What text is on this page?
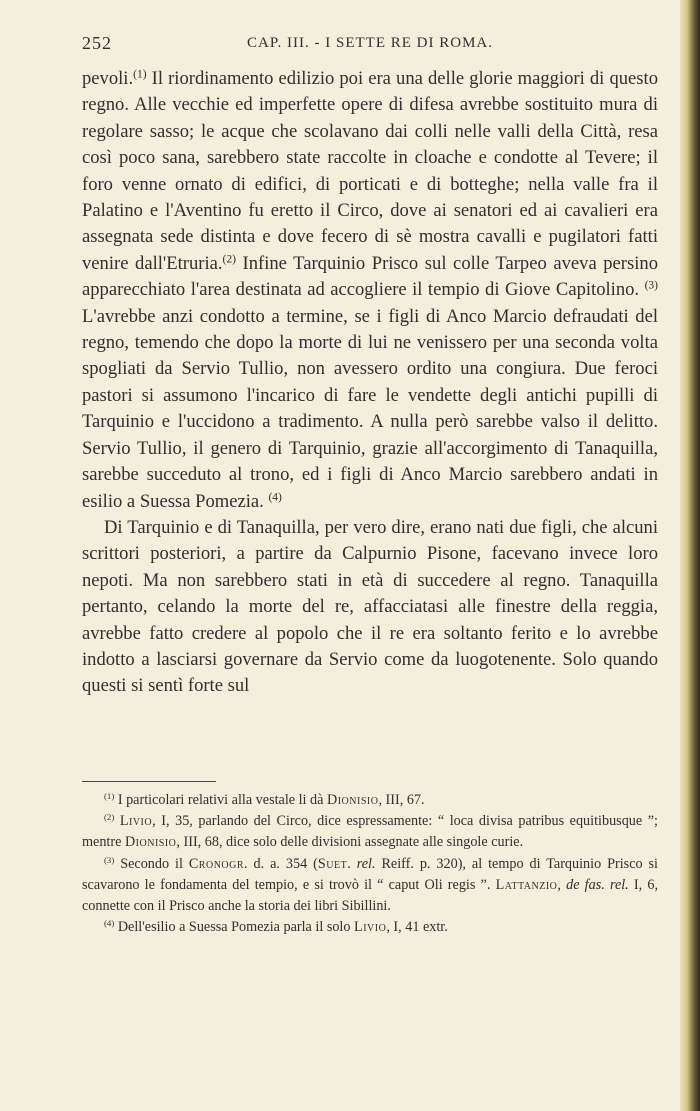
252	CAP. III. - I SETTE RE DI ROMA.

pevoli.$^{(1)}$ Il riordinamento edilizio poi era una delle glorie maggiori di questo regno. Alle vecchie ed imperfette opere di difesa avrebbe sostituito mura di regolare sasso; le acque che scolavano dai colli nelle valli della Città, resa così poco sana, sarebbero state raccolte in cloache e condotte al Tevere; il foro venne ornato di edifici, di porticati e di botteghe; nella valle fra il Palatino e l'Aventino fu eretto il Circo, dove ai senatori ed ai cavalieri era assegnata sede distinta e dove fecero di sè mostra cavalli e pugilatori fatti venire dall'Etruria.$^{(2)}$ Infine Tarquinio Prisco sul colle Tarpeo aveva persino apparecchiato l'area destinata ad accogliere il tempio di Giove Capitolino. $^{(3)}$ L'avrebbe anzi condotto a termine, se i figli di Anco Marcio defraudati del regno, temendo che dopo la morte di lui ne venissero per una seconda volta spogliati da Servio Tullio, non avessero ordito una congiura. Due feroci pastori si assumono l'incarico di fare le vendette degli antichi pupilli di Tarquinio e l'uccidono a tradimento. A nulla però sarebbe valso il delitto. Servio Tullio, il genero di Tarquinio, grazie all'accorgimento di Tanaquilla, sarebbe succeduto al trono, ed i figli di Anco Marcio sarebbero andati in esilio a Suessa Pomezia. $^{(4)}$

Di Tarquinio e di Tanaquilla, per vero dire, erano nati due figli, che alcuni scrittori posteriori, a partire da Calpurnio Pisone, facevano invece loro nepoti. Ma non sarebbero stati in età di succedere al regno. Tanaquilla pertanto, celando la morte del re, affacciatasi alle finestre della reggia, avrebbe fatto credere al popolo che il re era soltanto ferito e lo avrebbe indotto a lasciarsi governare da Servio come da luogotenente. Solo quando questi si sentì forte sul

$^{(1)}$ I particolari relativi alla vestale li dà Dionisio, III, 67.

$^{(2)}$ Livio, I, 35, parlando del Circo, dice espressamente: “ loca divisa patribus equitibusque ”; mentre Dionisio, III, 68, dice solo delle divisioni assegnate alle singole curie.

$^{(3)}$ Secondo il Cronogr. d. a. 354 (Suet. rel. Reiff. p. 320), al tempo di Tarquinio Prisco si scavarono le fondamenta del tempio, e si trovò il “ caput Oli regis ”. Lattanzio, de fas. rel. I, 6, connette con il Prisco anche la storia dei libri Sibillini.

$^{(4)}$ Dell'esilio a Suessa Pomezia parla il solo Livio, I, 41 extr.
